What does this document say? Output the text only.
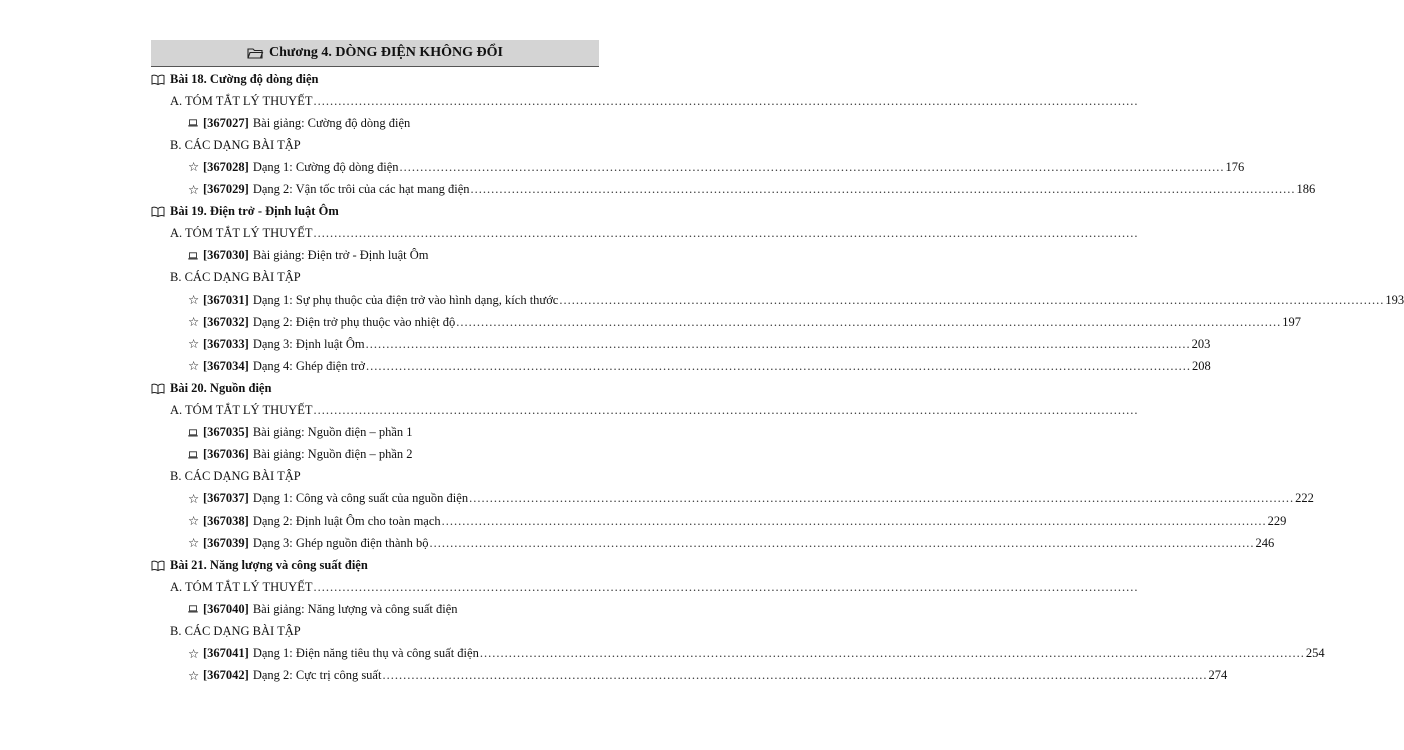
Chương 4. DÒNG ĐIỆN KHÔNG ĐỔI
Bài 18. Cường độ dòng điện
A. TÓM TẮT LÝ THUYẾT ........................................................................................................................................................................................................
[367027] Bài giảng: Cường độ dòng điện
B. CÁC DẠNG BÀI TẬP
☆ [367028] Dạng 1: Cường độ dòng điện ........................................................................................................................................................................................................ 176
☆ [367029] Dạng 2: Vận tốc trôi của các hạt mang điện ........................................................................................................................................................................................................ 186
Bài 19. Điện trở - Định luật Ôm
A. TÓM TẮT LÝ THUYẾT ........................................................................................................................................................................................................
[367030] Bài giảng: Điện trở - Định luật Ôm
B. CÁC DẠNG BÀI TẬP
☆ [367031] Dạng 1: Sự phụ thuộc của điện trở vào hình dạng, kích thước ........................................................................................................................................................................................................ 193
☆ [367032] Dạng 2: Điện trở phụ thuộc vào nhiệt độ ........................................................................................................................................................................................................ 197
☆ [367033] Dạng 3: Định luật Ôm ........................................................................................................................................................................................................ 203
☆ [367034] Dạng 4: Ghép điện trở ........................................................................................................................................................................................................ 208
Bài 20. Nguồn điện
A. TÓM TẮT LÝ THUYẾT ........................................................................................................................................................................................................
[367035] Bài giảng: Nguồn điện – phần 1
[367036] Bài giảng: Nguồn điện – phần 2
B. CÁC DẠNG BÀI TẬP
☆ [367037] Dạng 1: Công và công suất của nguồn điện ........................................................................................................................................................................................................ 222
☆ [367038] Dạng 2: Định luật Ôm cho toàn mạch ........................................................................................................................................................................................................ 229
☆ [367039] Dạng 3: Ghép nguồn điện thành bộ ........................................................................................................................................................................................................ 246
Bài 21. Năng lượng và công suất điện
A. TÓM TẮT LÝ THUYẾT ........................................................................................................................................................................................................
[367040] Bài giảng: Năng lượng và công suất điện
B. CÁC DẠNG BÀI TẬP
☆ [367041] Dạng 1: Điện năng tiêu thụ và công suất điện ........................................................................................................................................................................................................ 254
☆ [367042] Dạng 2: Cực trị công suất ........................................................................................................................................................................................................ 274
